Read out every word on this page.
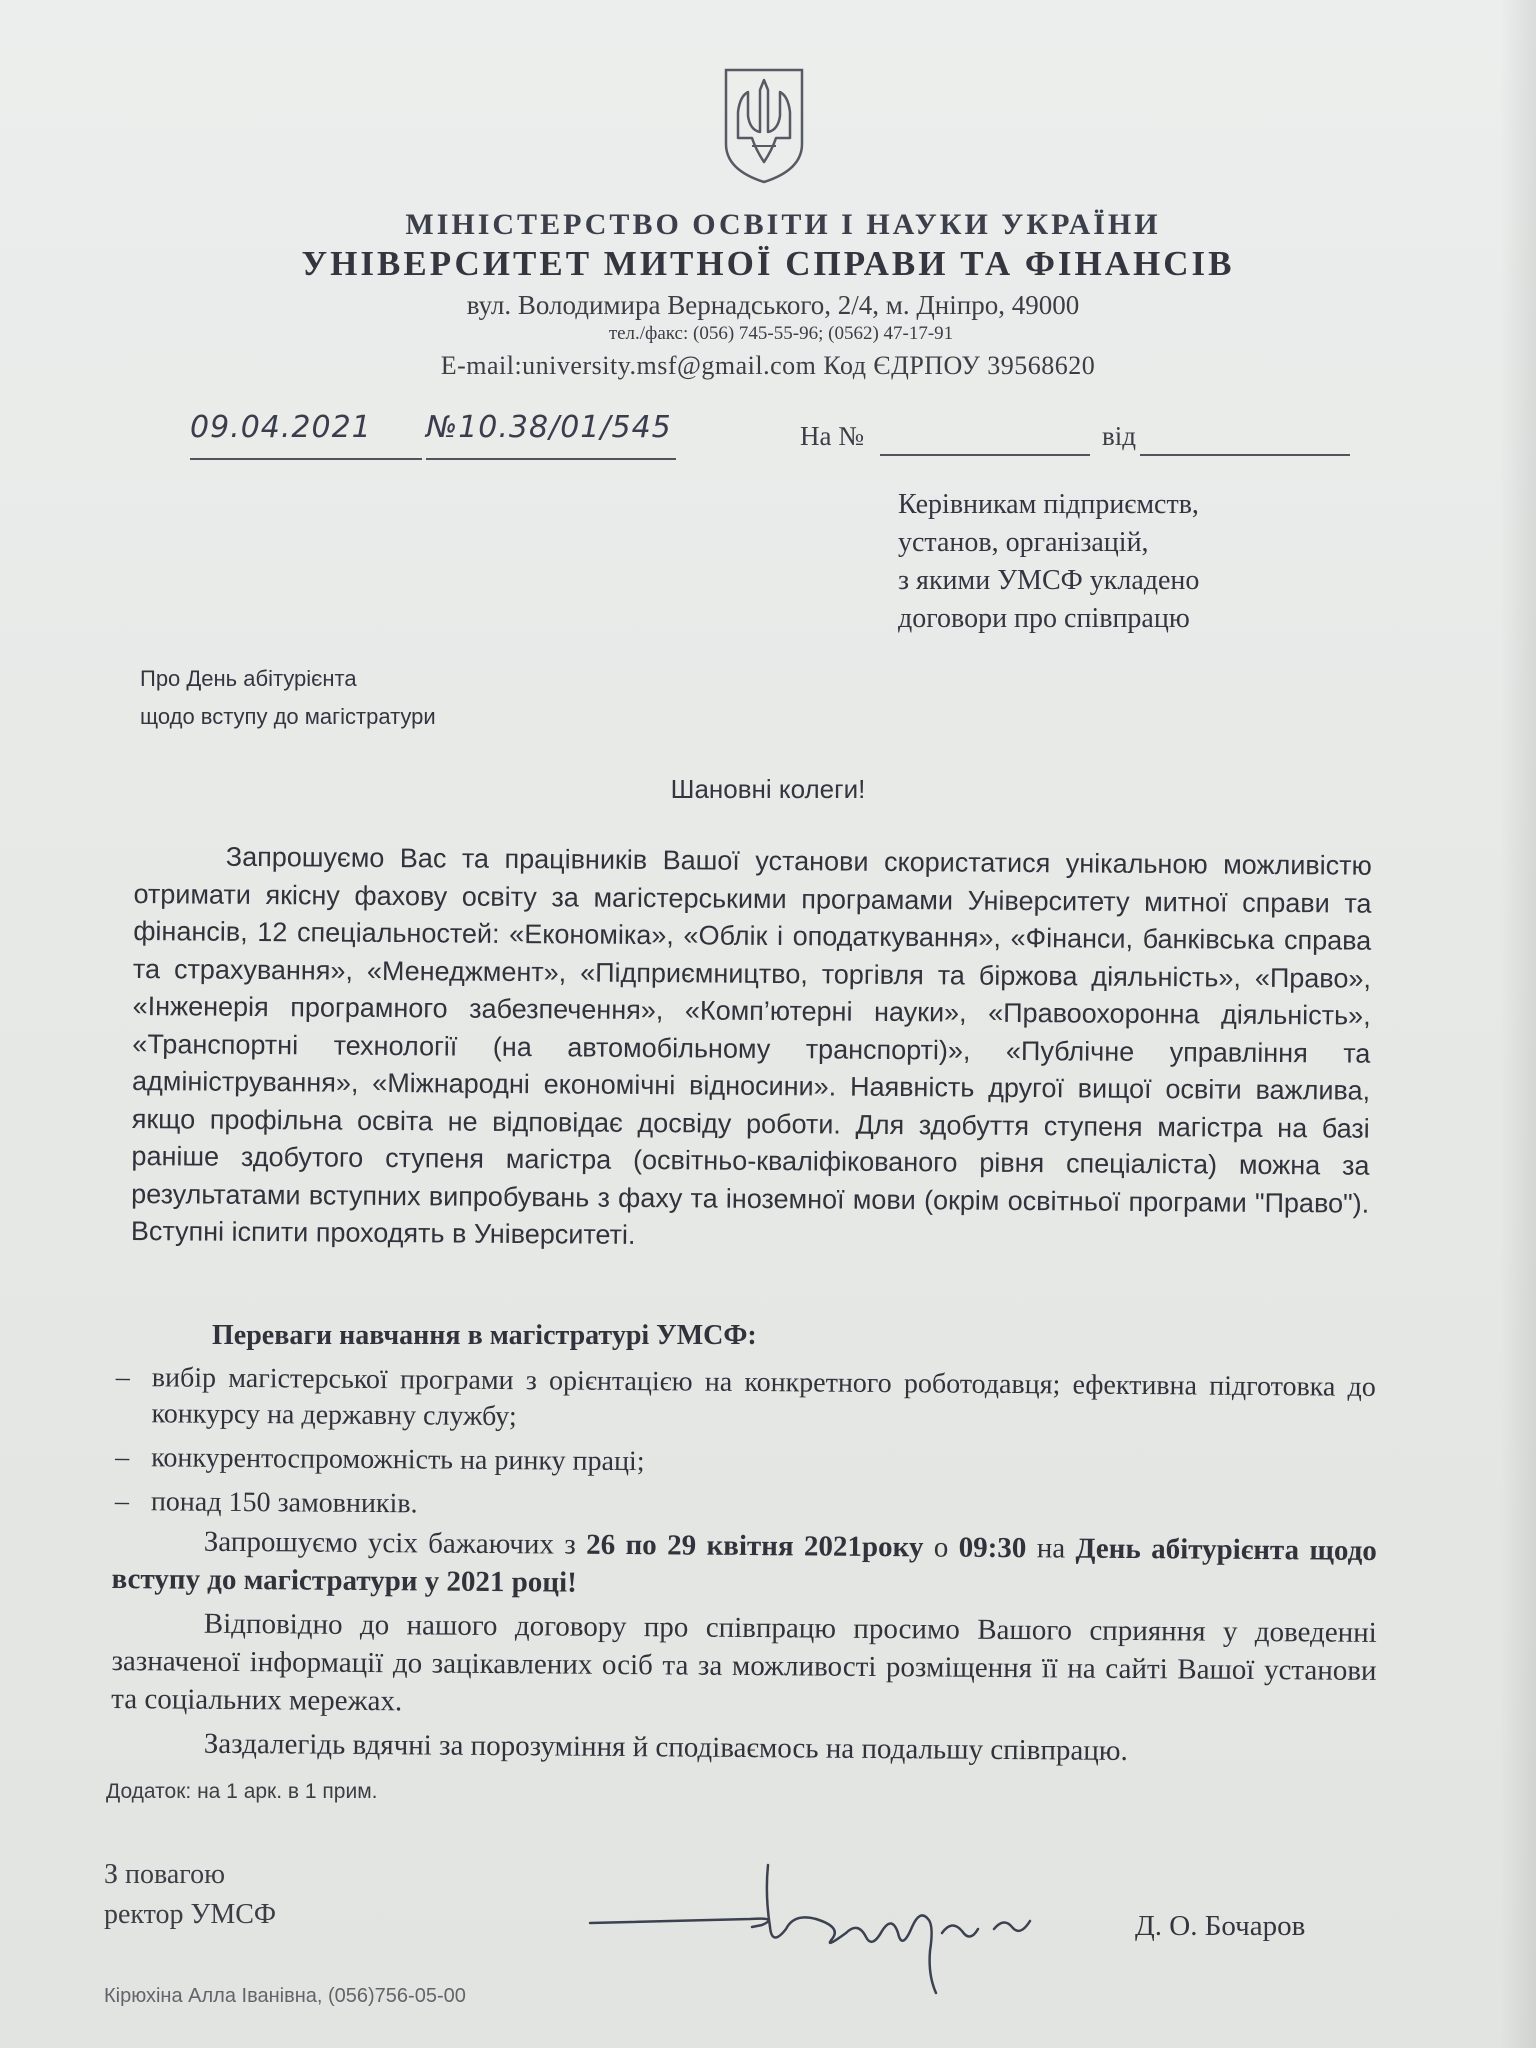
МІНІСТЕРСТВО ОСВІТИ І НАУКИ УКРАЇНИ
УНІВЕРСИТЕТ МИТНОЇ СПРАВИ ТА ФІНАНСІВ
вул. Володимира Вернадського, 2/4, м. Дніпро, 49000
тел./факс: (056) 745-55-96; (0562) 47-17-91
E-mail:university.msf@gmail.com Код ЄДРПОУ 39568620
09.04.2021	№10.38/01/545	На №	від
Керівникам підприємств,
установ, організацій,
з якими УМСФ укладено
договори про співпрацю
Про День абітурієнта
щодо вступу до магістратури
Шановні колеги!

Запрошуємо Вас та працівників Вашої установи скористатися унікальною можливістю отримати якісну фахову освіту за магістерськими програмами Університету митної справи та фінансів, 12 спеціальностей: «Економіка», «Облік і оподаткування», «Фінанси, банківська справа та страхування», «Менеджмент», «Підприємництво, торгівля та біржова діяльність», «Право», «Інженерія програмного забезпечення», «Комп’ютерні науки», «Правоохоронна діяльність», «Транспортні технології (на автомобільному транспорті)», «Публічне управління та адміністрування», «Міжнародні економічні відносини». Наявність другої вищої освіти важлива, якщо профільна освіта не відповідає досвіду роботи. Для здобуття ступеня магістра на базі раніше здобутого ступеня магістра (освітньо-кваліфікованого рівня спеціаліста) можна за результатами вступних випробувань з фаху та іноземної мови (окрім освітньої програми "Право"). Вступні іспити проходять в Університеті.

Переваги навчання в магістратурі УМСФ:
– вибір магістерської програми з орієнтацією на конкретного роботодавця; ефективна підготовка до конкурсу на державну службу;
– конкурентоспроможність на ринку праці;
– понад 150 замовників.

Запрошуємо усіх бажаючих з 26 по 29 квітня 2021року о 09:30 на День абітурієнта щодо вступу до магістратури у 2021 році!

Відповідно до нашого договору про співпрацю просимо Вашого сприяння у доведенні зазначеної інформації до зацікавлених осіб та за можливості розміщення її на сайті Вашої установи та соціальних мережах.

Заздалегідь вдячні за порозуміння й сподіваємось на подальшу співпрацю.

Додаток: на 1 арк. в 1 прим.
З повагою
ректор УМСФ	Д. О. Бочаров
Кірюхіна Алла Іванівна, (056)756-05-00
